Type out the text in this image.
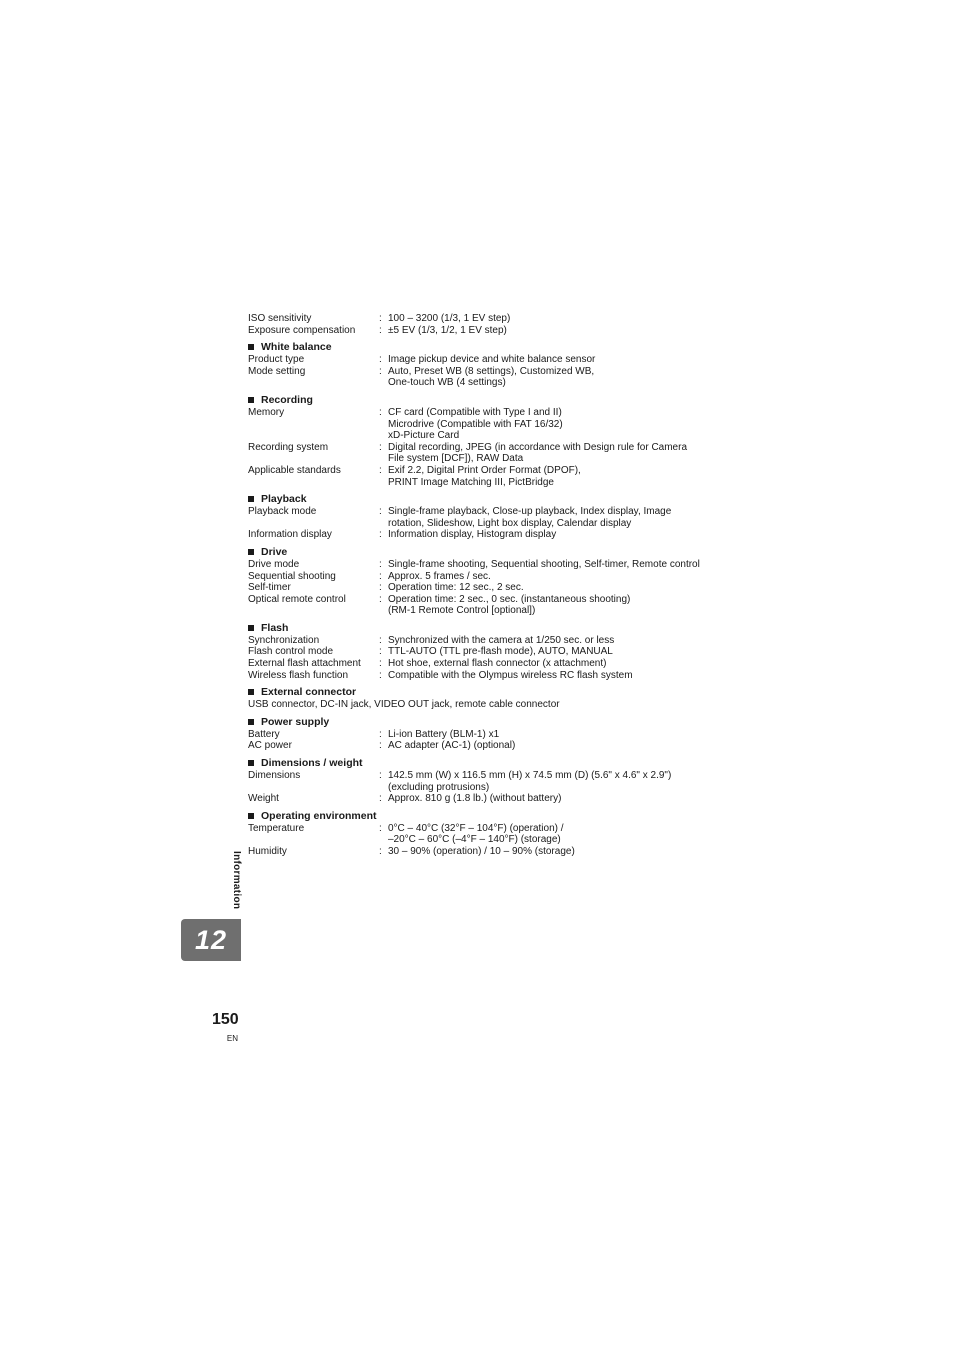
ISO sensitivity	: 100 – 3200 (1/3, 1 EV step)
Exposure compensation	: ±5 EV (1/3, 1/2, 1 EV step)
White balance
Product type	: Image pickup device and white balance sensor
Mode setting	: Auto, Preset WB (8 settings), Customized WB,
One-touch WB (4 settings)
Recording
Memory	: CF card (Compatible with Type I and II)
Microdrive (Compatible with FAT 16/32)
xD-Picture Card
Recording system	: Digital recording, JPEG (in accordance with Design rule for Camera
File system [DCF]), RAW Data
Applicable standards	: Exif 2.2, Digital Print Order Format (DPOF),
PRINT Image Matching III, PictBridge
Playback
Playback mode	: Single-frame playback, Close-up playback, Index display, Image
rotation, Slideshow, Light box display, Calendar display
Information display	: Information display, Histogram display
Drive
Drive mode	: Single-frame shooting, Sequential shooting, Self-timer, Remote control
Sequential shooting	: Approx. 5 frames / sec.
Self-timer	: Operation time: 12 sec., 2 sec.
Optical remote control	: Operation time: 2 sec., 0 sec. (instantaneous shooting)
(RM-1 Remote Control [optional])
Flash
Synchronization	: Synchronized with the camera at 1/250 sec. or less
Flash control mode	: TTL-AUTO (TTL pre-flash mode), AUTO, MANUAL
External flash attachment	: Hot shoe, external flash connector (x attachment)
Wireless flash function	: Compatible with the Olympus wireless RC flash system
External connector
USB connector, DC-IN jack, VIDEO OUT jack, remote cable connector
Power supply
Battery	: Li-ion Battery (BLM-1) x1
AC power	: AC adapter (AC-1) (optional)
Dimensions / weight
Dimensions	: 142.5 mm (W) x 116.5 mm (H) x 74.5 mm (D) (5.6" x 4.6" x 2.9")
(excluding protrusions)
Weight	: Approx. 810 g (1.8 lb.) (without battery)
Operating environment
Temperature	: 0°C – 40°C (32°F – 104°F) (operation) /
–20°C – 60°C (–4°F – 140°F) (storage)
Humidity	: 30 – 90% (operation) / 10 – 90% (storage)
Information
12
150
EN
